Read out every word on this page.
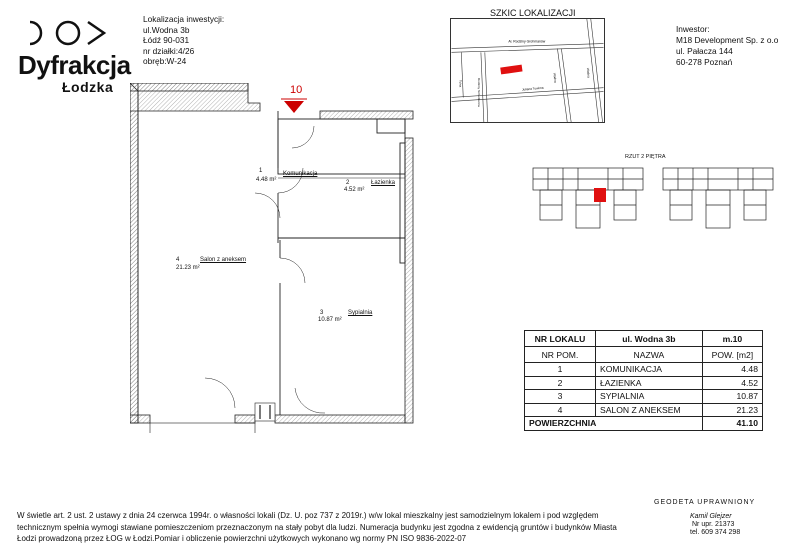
Dyfrakcja
Łodzka
Lokalizacja inwestycji:
ul.Wodna 3b
Łódź 90-031
nr działki:4/26
obręb:W-24
SZKIC LOKALIZACJI
Al. Rodziny Grohmanów
Rodziny Scheiblerów
Tylna
Wodna
Juliana Tuwima
Wodna
Inwestor:
M18 Development Sp. z o.o
ul. Pałacza 144
60-278 Poznań
RZUT 2 PIĘTRA
10
1	Komunikacja
4.48 m²	2	Łazienka
4.52 m²
4	Salon z aneksem
21.23 m²
3	Sypialnia
10.87 m²
NR LOKALU	ul. Wodna 3b	m.10
NR POM.	NAZWA	POW. [m2]
1	KOMUNIKACJA	4.48
2	ŁAZIENKA	4.52
3	SYPIALNIA	10.87
4	SALON Z ANEKSEM	21.23
POWIERZCHNIA		41.10
W świetle art. 2 ust. 2 ustawy z dnia 24 czerwca 1994r. o własności lokali (Dz. U. poz 737 z 2019r.) w/w lokal mieszkalny jest samodzielnym lokalem i pod względem
technicznym spełnia wymogi stawiane pomieszczeniom przeznaczonym na stały pobyt dla ludzi. Numeracja budynku jest zgodna z ewidencją gruntów i budynków Miasta
Łodzi prowadzoną przez ŁOG w Łodzi.Pomiar i obliczenie powierzchni użytkowych wykonano wg normy PN ISO 9836-2022-07
GEODETA UPRAWNIONY
Kamil Glejzer
Nr upr. 21373
tel. 609 374 298
